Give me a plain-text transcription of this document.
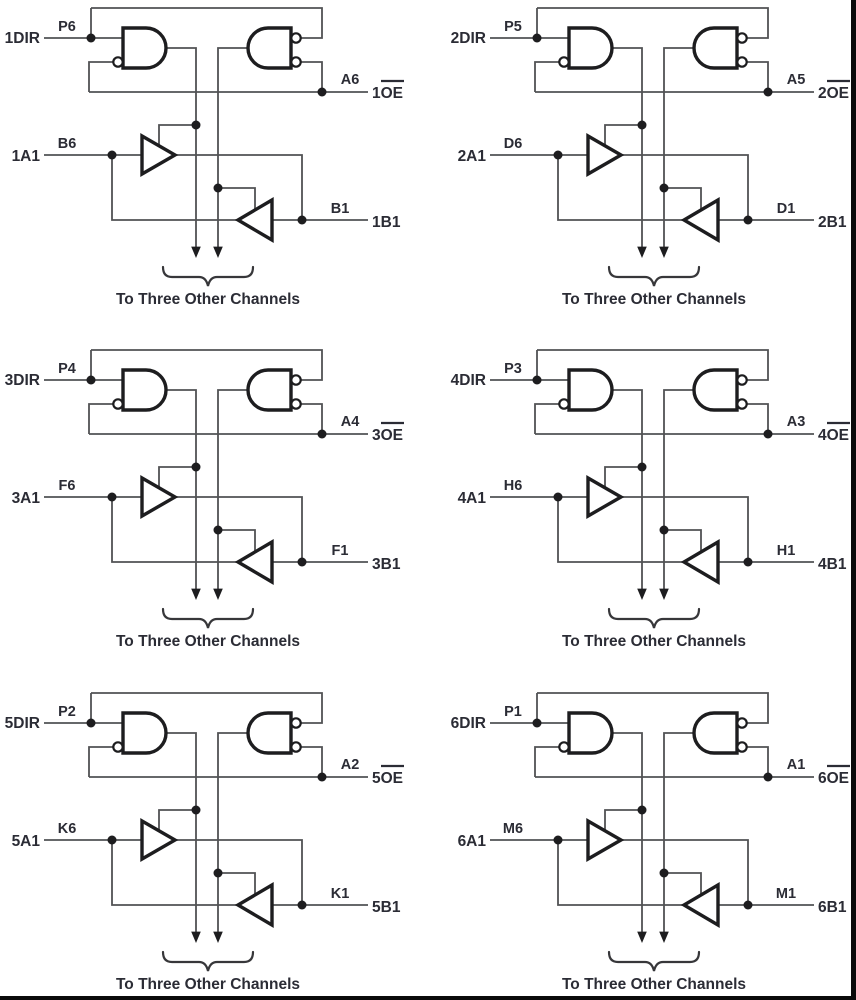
1DIR
P6
A6
1OE
1A1
B6
B1
1B1
To Three Other Channels
2DIR
P5
A5
2OE
2A1
D6
D1
2B1
To Three Other Channels
3DIR
P4
A4
3OE
3A1
F6
F1
3B1
To Three Other Channels
4DIR
P3
A3
4OE
4A1
H6
H1
4B1
To Three Other Channels
5DIR
P2
A2
5OE
5A1
K6
K1
5B1
To Three Other Channels
6DIR
P1
A1
6OE
6A1
M6
M1
6B1
To Three Other Channels
